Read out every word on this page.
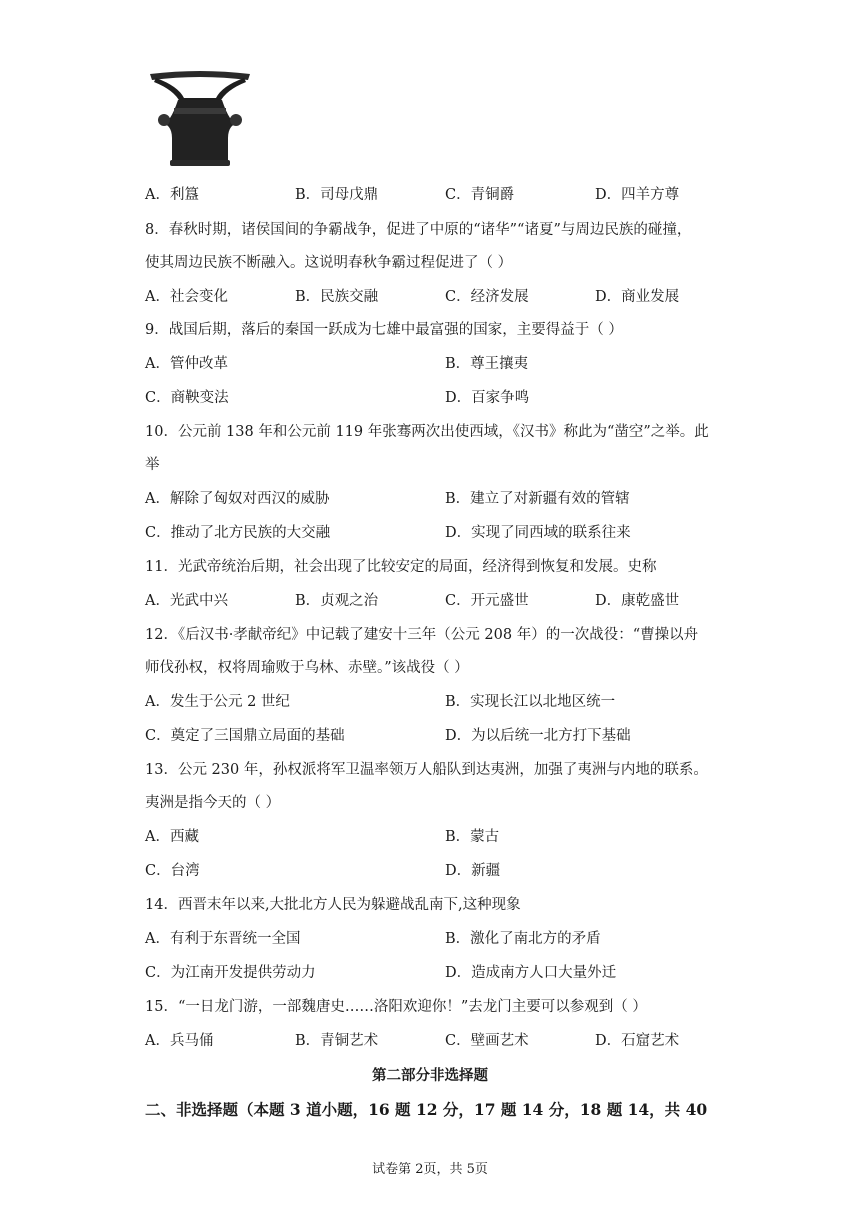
A．利簋	B．司母戊鼎	C．青铜爵	D．四羊方尊
8．春秋时期，诸侯国间的争霸战争，促进了中原的“诸华”“诸夏”与周边民族的碰撞，
使其周边民族不断融入。这说明春秋争霸过程促进了（ ）
A．社会变化	B．民族交融	C．经济发展	D．商业发展
9．战国后期，落后的秦国一跃成为七雄中最富强的国家，主要得益于（ ）
A．管仲改革	B．尊王攘夷
C．商鞅变法	D．百家争鸣
10．公元前 138 年和公元前 119 年张骞两次出使西域，《汉书》称此为“凿空”之举。此
举
A．解除了匈奴对西汉的威胁	B．建立了对新疆有效的管辖
C．推动了北方民族的大交融	D．实现了同西域的联系往来
11．光武帝统治后期，社会出现了比较安定的局面，经济得到恢复和发展。史称
A．光武中兴	B．贞观之治	C．开元盛世	D．康乾盛世
12．《后汉书·孝献帝纪》中记载了建安十三年（公元 208 年）的一次战役：“曹操以舟
师伐孙权，权将周瑜败于乌林、赤壁。”该战役（ ）
A．发生于公元 2 世纪	B．实现长江以北地区统一
C．奠定了三国鼎立局面的基础	D．为以后统一北方打下基础
13．公元 230 年，孙权派将军卫温率领万人船队到达夷洲，加强了夷洲与内地的联系。
夷洲是指今天的（ ）
A．西藏	B．蒙古
C．台湾	D．新疆
14．西晋末年以来,大批北方人民为躲避战乱南下,这种现象
A．有利于东晋统一全国	B．激化了南北方的矛盾
C．为江南开发提供劳动力	D．造成南方人口大量外迁
15．“一日龙门游，一部魏唐史……洛阳欢迎你！”去龙门主要可以参观到（ ）
A．兵马俑	B．青铜艺术	C．壁画艺术	D．石窟艺术
第二部分非选择题
二、非选择题（本题 3 道小题，16 题 12 分，17 题 14 分，18 题 14，共 40
试卷第 2页，共 5页
